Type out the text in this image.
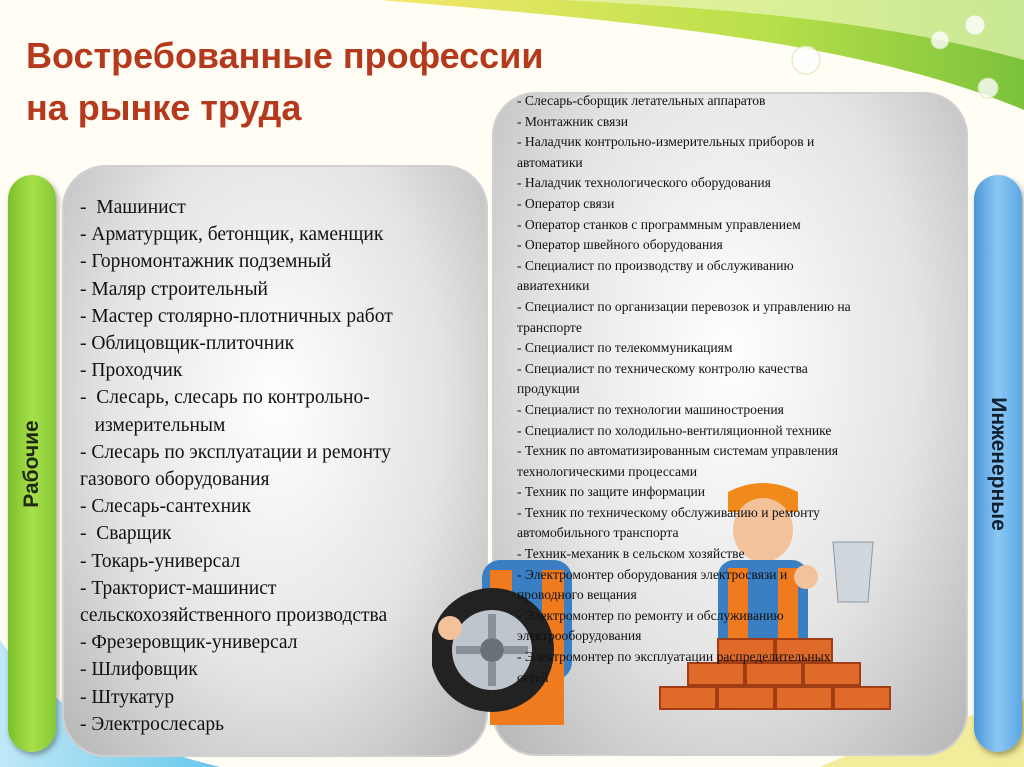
Востребованные профессии
на рынке труда
Рабочие	Инженерные
-  Машинист
- Арматурщик, бетонщик, каменщик
- Горномонтажник подземный
- Маляр строительный
- Мастер столярно-плотничных работ
- Облицовщик-плиточник
- Проходчик
-  Слесарь, слесарь по контрольно-
измерительным
- Слесарь по эксплуатации и ремонту
газового оборудования
- Слесарь-сантехник
-  Сварщик
- Токарь-универсал
- Тракторист-машинист
сельскохозяйственного производства
- Фрезеровщик-универсал
- Шлифовщик
- Штукатур
- Электрослесарь
- Слесарь-сборщик летательных аппаратов
- Монтажник связи
- Наладчик контрольно-измерительных приборов и
автоматики
- Наладчик технологического оборудования
- Оператор связи
- Оператор станков с программным управлением
- Оператор швейного оборудования
- Специалист по производству и обслуживанию
авиатехники
- Специалист по организации перевозок и управлению на
транспорте
- Специалист по телекоммуникациям
- Специалист по техническому контролю качества
продукции
- Специалист по технологии машиностроения
- Специалист по холодильно-вентиляционной технике
- Техник по автоматизированным системам управления
технологическими процессами
- Техник по защите информации
- Техник по техническому обслуживанию и ремонту
автомобильного транспорта
- Техник-механик в сельском хозяйстве
- Электромонтер оборудования электросвязи и
проводного вещания
- Электромонтер по ремонту и обслуживанию
электрооборудования
- Электромонтер по эксплуатации распределительных
сетей
